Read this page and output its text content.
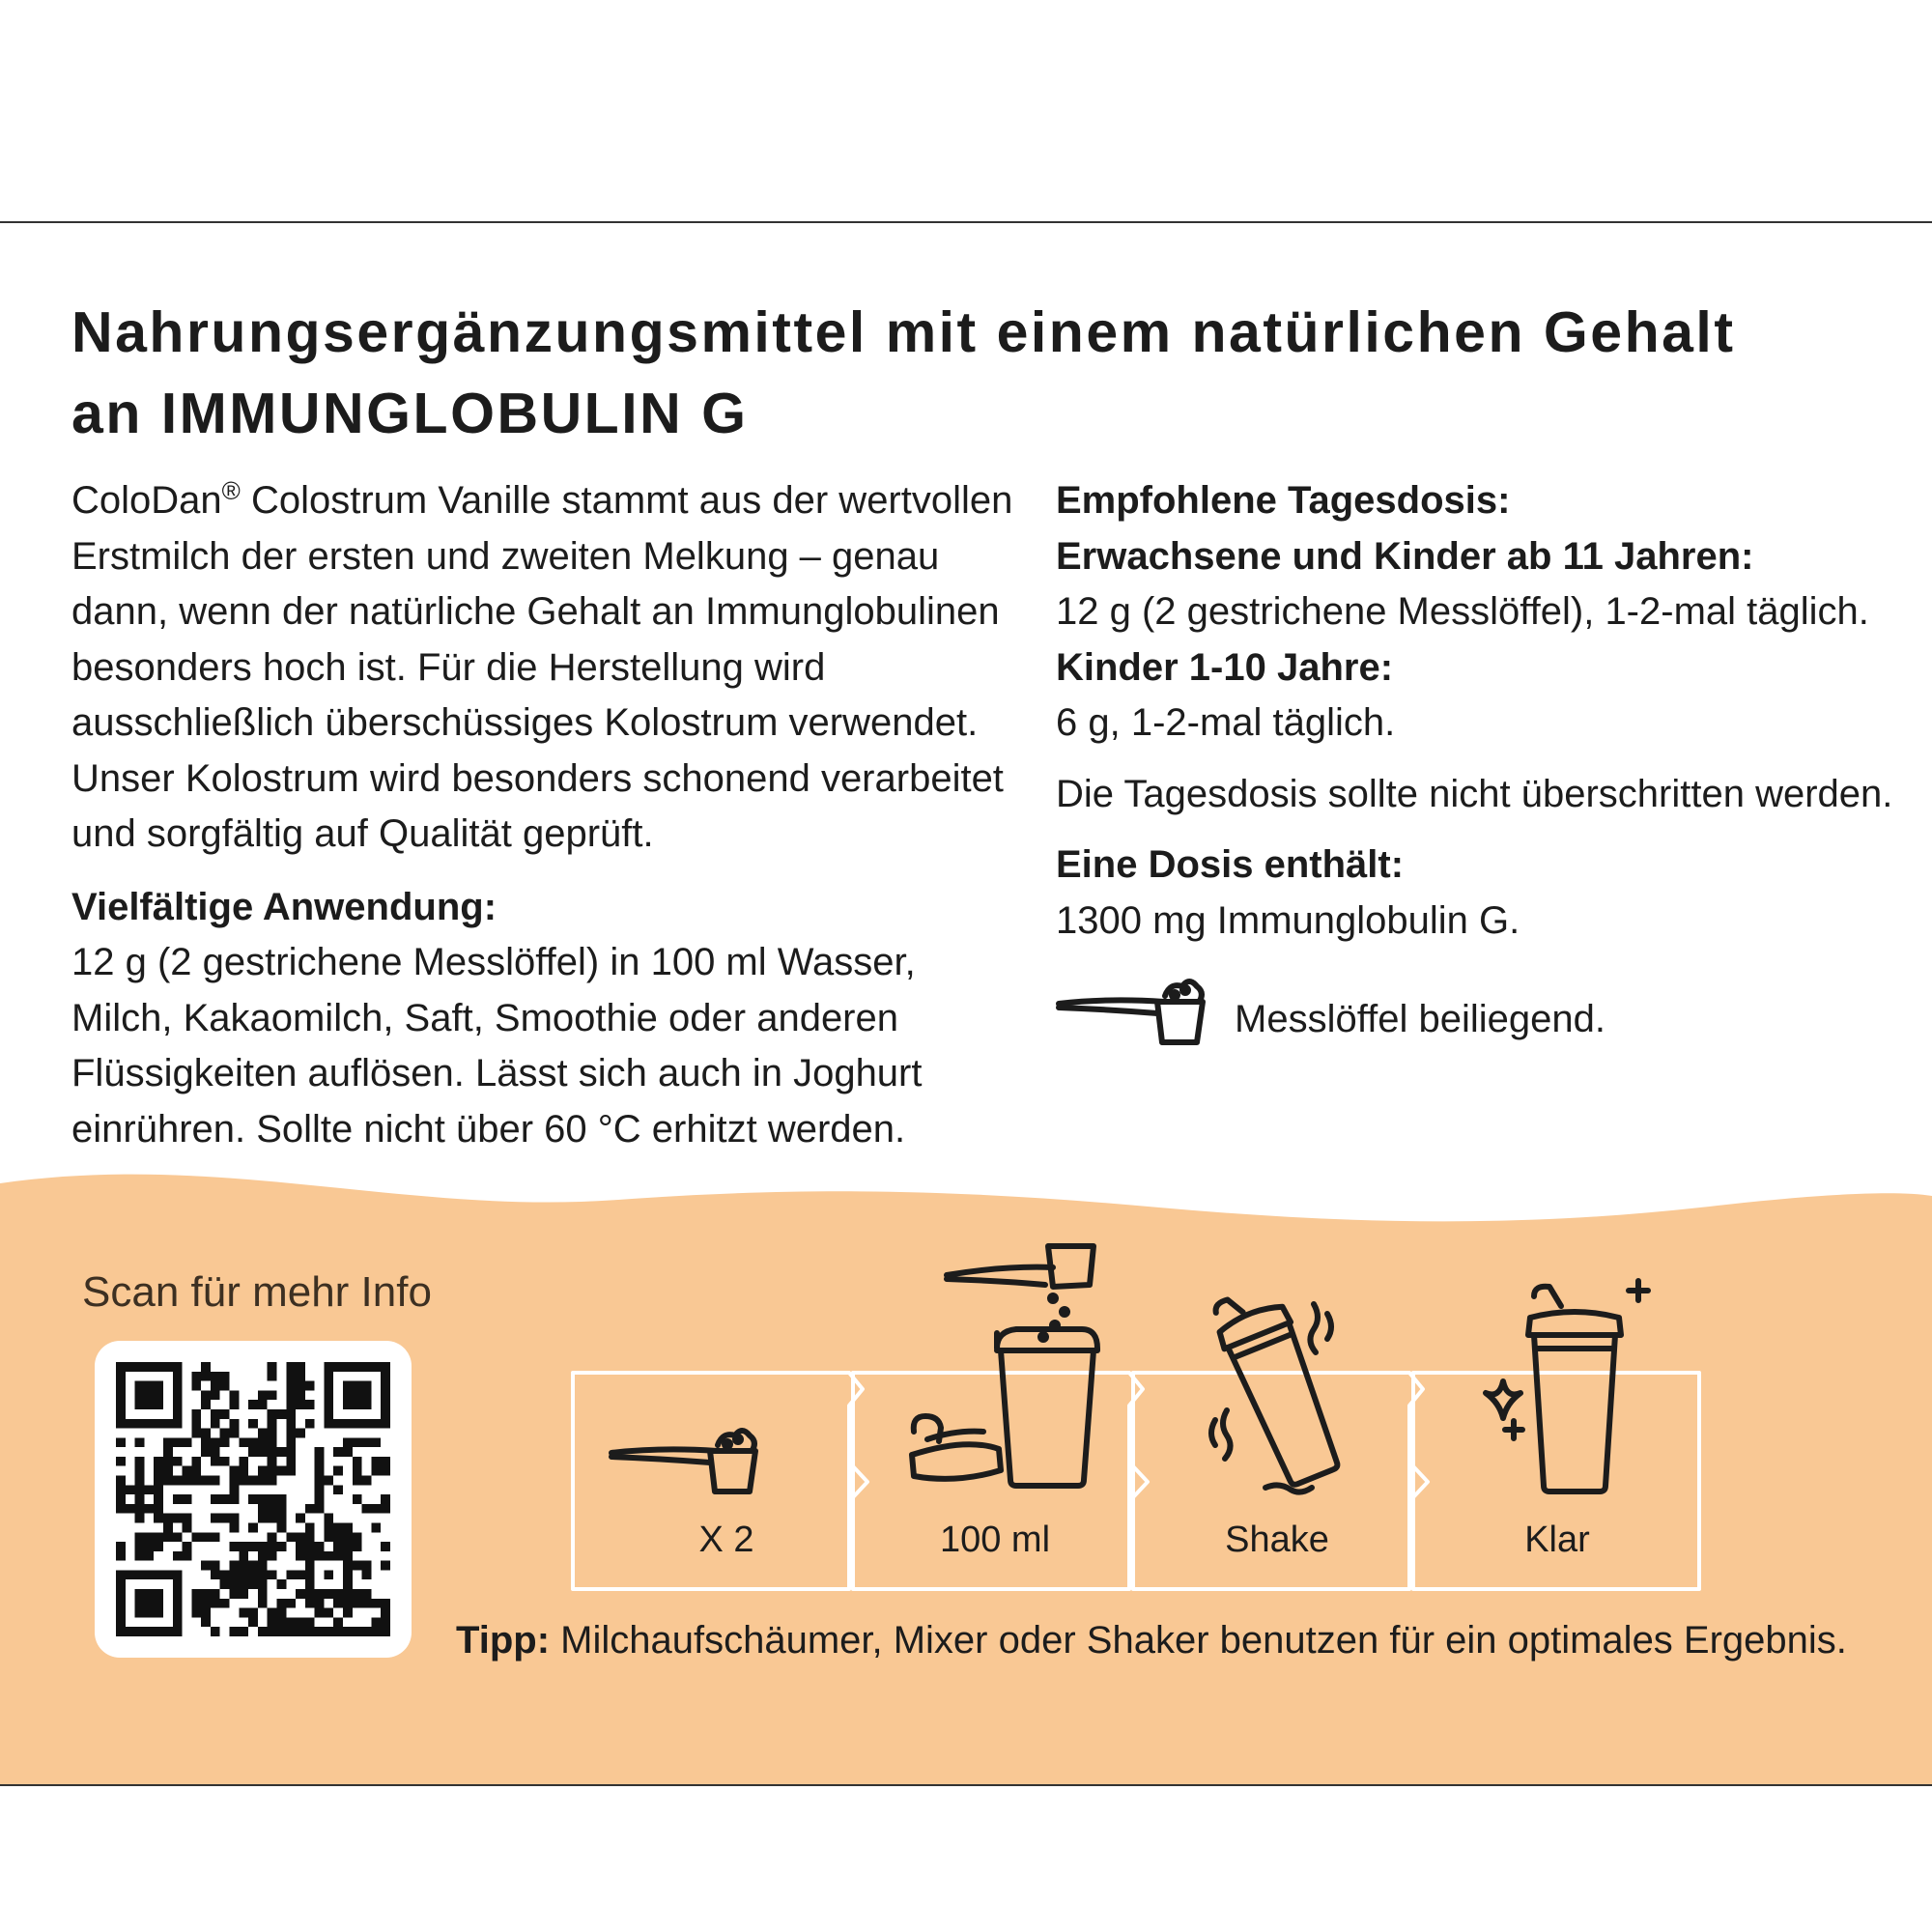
Nahrungsergänzungsmittel mit einem natürlichen Gehalt
an IMMUNGLOBULIN G

ColoDan® Colostrum Vanille stammt aus der wertvollen
Erstmilch der ersten und zweiten Melkung – genau
dann, wenn der natürliche Gehalt an Immunglobulinen
besonders hoch ist. Für die Herstellung wird
ausschließlich überschüssiges Kolostrum verwendet.
Unser Kolostrum wird besonders schonend verarbeitet
und sorgfältig auf Qualität geprüft.

Vielfältige Anwendung:

12 g (2 gestrichene Messlöffel) in 100 ml Wasser,
Milch, Kakaomilch, Saft, Smoothie oder anderen
Flüssigkeiten auflösen. Lässt sich auch in Joghurt
einrühren. Sollte nicht über 60 °C erhitzt werden.

Empfohlene Tagesdosis:

Erwachsene und Kinder ab 11 Jahren:

12 g (2 gestrichene Messlöffel), 1-2-mal täglich.

Kinder 1-10 Jahre:

6 g, 1-2-mal täglich.

Die Tagesdosis sollte nicht überschritten werden.

Eine Dosis enthält:

1300 mg Immunglobulin G.

Messlöffel beiliegend.
Scan für mehr Info
X 2	100 ml	Shake	Klar
Tipp: Milchaufschäumer, Mixer oder Shaker benutzen für ein optimales Ergebnis.
